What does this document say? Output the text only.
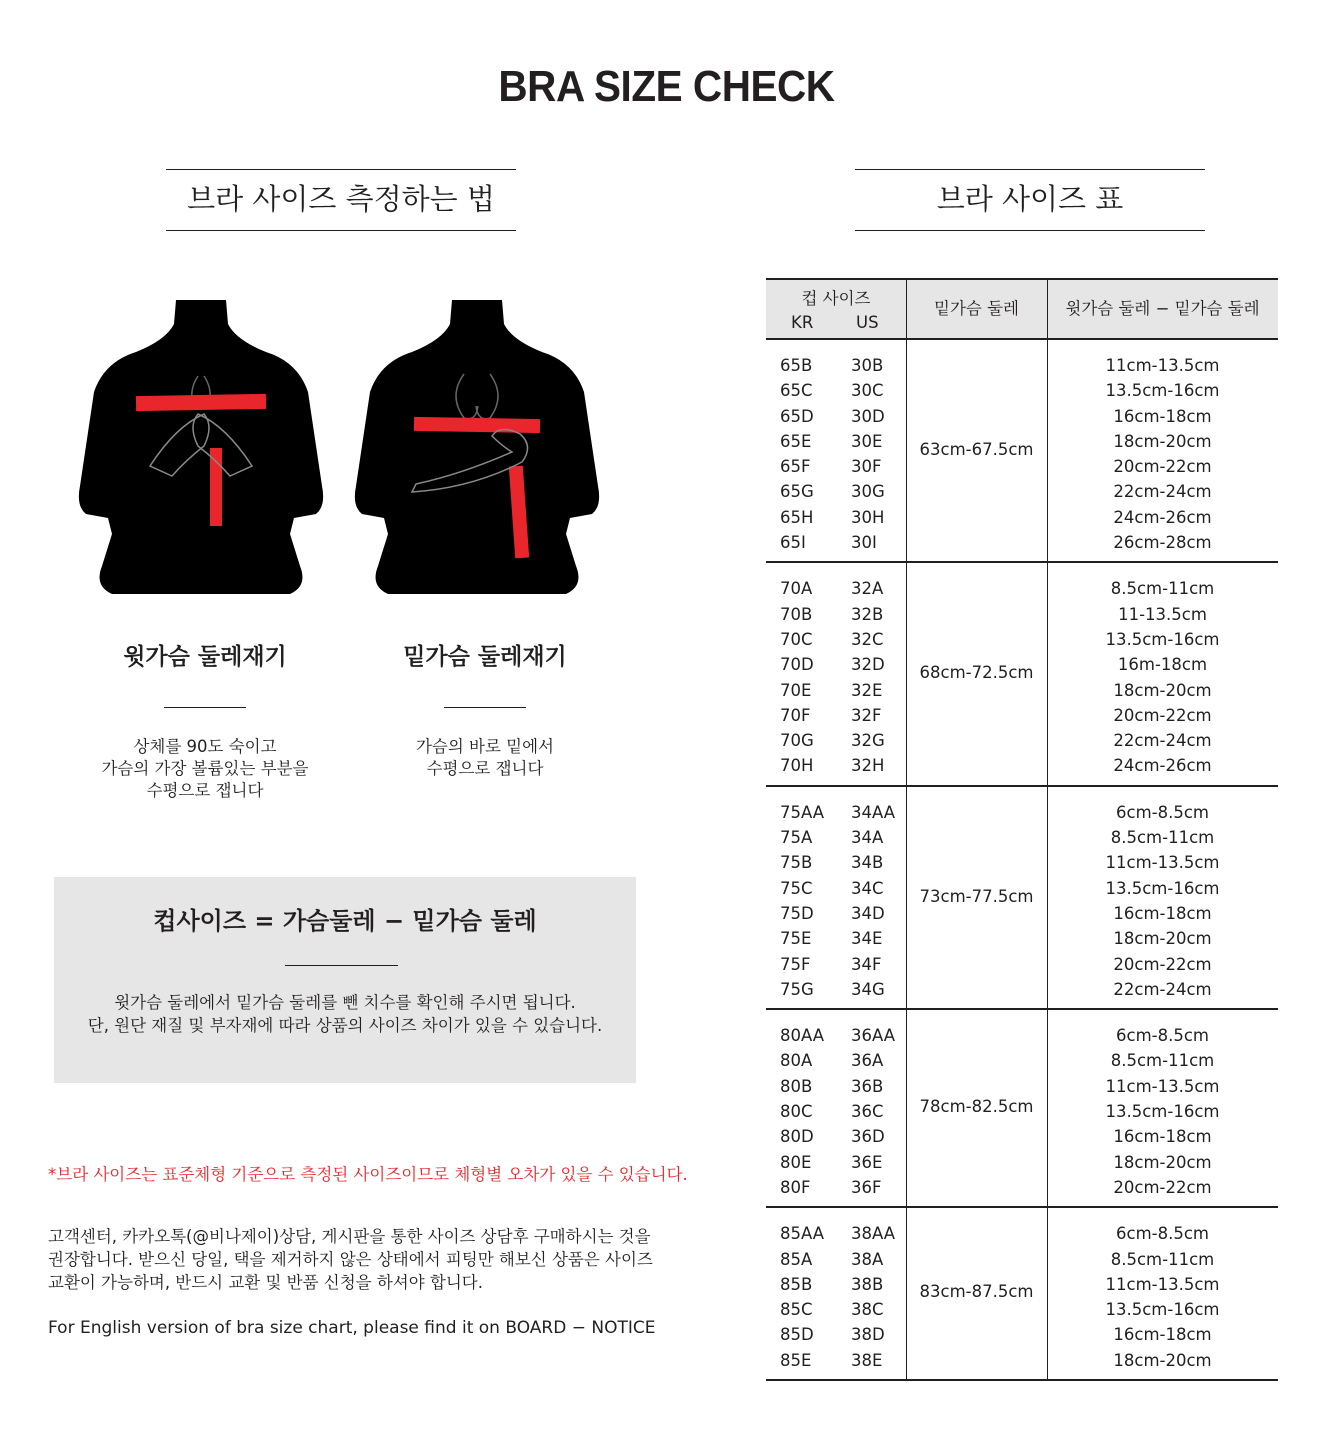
BRA SIZE CHECK
브라 사이즈 측정하는 법	브라 사이즈 표
윗가슴 둘레재기
상체를 90도 숙이고
가슴의 가장 볼륨있는 부분을
수평으로 잽니다
밑가슴 둘레재기
가슴의 바로 밑에서
수평으로 잽니다
컵사이즈 = 가슴둘레 − 밑가슴 둘레
윗가슴 둘레에서 밑가슴 둘레를 뺀 치수를 확인해 주시면 됩니다.
단, 원단 재질 및 부자재에 따라 상품의 사이즈 차이가 있을 수 있습니다.
*브라 사이즈는 표준체형 기준으로 측정된 사이즈이므로 체형별 오차가 있을 수 있습니다.
고객센터, 카카오톡(@비나제이)상담, 게시판을 통한 사이즈 상담후 구매하시는 것을
권장합니다. 받으신 당일, 택을 제거하지 않은 상태에서 피팅만 해보신 상품은 사이즈
교환이 가능하며, 반드시 교환 및 반품 신청을 하셔야 합니다.
For English version of bra size chart, please find it on BOARD − NOTICE
컵 사이즈
KR	US
밑가슴 둘레	윗가슴 둘레 − 밑가슴 둘레
65B 30B	11cm-13.5cm
65C 30C	13.5cm-16cm
65D 30D	16cm-18cm
65E 30E	18cm-20cm
65F 30F	20cm-22cm
65G 30G	22cm-24cm
65H 30H	24cm-26cm
65I	30I	26cm-28cm
63cm-67.5cm
70A 32A	8.5cm-11cm
70B 32B	11-13.5cm
70C 32C	13.5cm-16cm
70D 32D	16m-18cm
70E 32E	18cm-20cm
70F 32F	20cm-22cm
70G 32G	22cm-24cm
70H 32H	24cm-26cm
68cm-72.5cm
75AA 34AA	6cm-8.5cm
75A 34A	8.5cm-11cm
75B 34B	11cm-13.5cm
75C 34C	13.5cm-16cm
75D 34D	16cm-18cm
75E 34E	18cm-20cm
75F 34F	20cm-22cm
75G 34G	22cm-24cm
73cm-77.5cm
80AA 36AA	6cm-8.5cm
80A 36A	8.5cm-11cm
80B 36B	11cm-13.5cm
80C 36C	13.5cm-16cm
80D 36D	16cm-18cm
80E 36E	18cm-20cm
80F 36F	20cm-22cm
78cm-82.5cm
85AA 38AA	6cm-8.5cm
85A 38A	8.5cm-11cm
85B 38B	11cm-13.5cm
85C 38C	13.5cm-16cm
85D 38D	16cm-18cm
85E 38E	18cm-20cm
83cm-87.5cm
